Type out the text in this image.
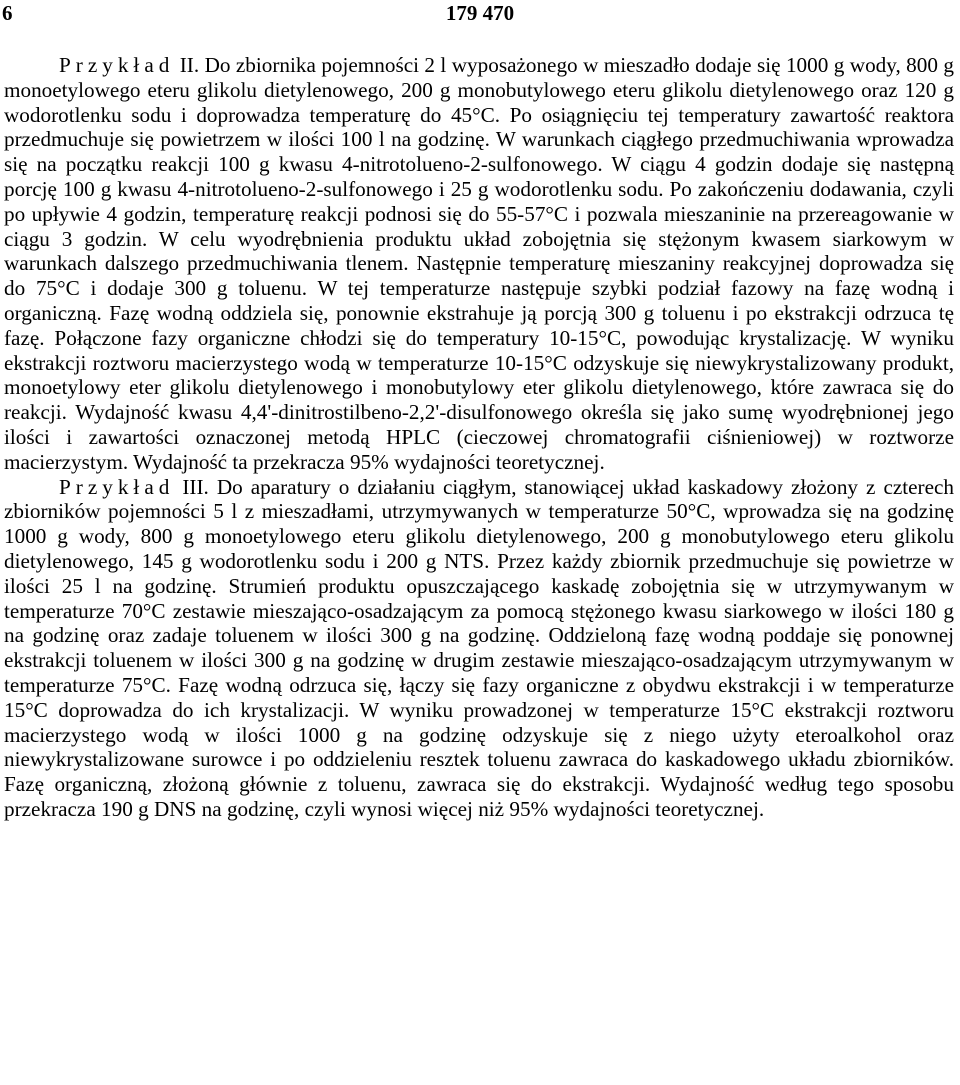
6	179 470

Przykład II. Do zbiornika pojemności 2 l wyposażonego w mieszadło dodaje się 1000 g wody, 800 g monoetylowego eteru glikolu dietylenowego, 200 g monobutylowego eteru glikolu dietylenowego oraz 120 g wodorotlenku sodu i doprowadza temperaturę do 45°C. Po osiągnięciu tej temperatury zawartość reaktora przedmuchuje się powietrzem w ilości 100 l na godzinę. W warunkach ciągłego przedmuchiwania wprowadza się na początku reakcji 100 g kwasu 4-nitrotolueno-2-sulfonowego. W ciągu 4 godzin dodaje się następną porcję 100 g kwasu 4-nitrotolueno-2-sulfonowego i 25 g wodorotlenku sodu. Po zakończeniu dodawania, czyli po upływie 4 godzin, temperaturę reakcji podnosi się do 55-57°C i pozwala mieszaninie na przereagowanie w ciągu 3 godzin. W celu wyodrębnienia produktu układ zobojętnia się stężonym kwasem siarkowym w warunkach dalszego przedmuchiwania tlenem. Następnie temperaturę mieszaniny reakcyjnej doprowadza się do 75°C i dodaje 300 g toluenu. W tej temperaturze następuje szybki podział fazowy na fazę wodną i organiczną. Fazę wodną oddziela się, ponownie ekstrahuje ją porcją 300 g toluenu i po ekstrakcji odrzuca tę fazę. Połączone fazy organiczne chłodzi się do temperatury 10-15°C, powodując krystalizację. W wyniku ekstrakcji roztworu macierzystego wodą w temperaturze 10-15°C odzyskuje się niewykrystalizowany produkt, monoetylowy eter glikolu dietylenowego i monobutylowy eter glikolu dietylenowego, które zawraca się do reakcji. Wydajność kwasu 4,4'-dinitrostilbeno-2,2'-disulfonowego określa się jako sumę wyodrębnionej jego ilości i zawartości oznaczonej metodą HPLC (cieczowej chromatografii ciśnieniowej) w roztworze macierzystym. Wydajność ta przekracza 95% wydajności teoretycznej.

Przykład III. Do aparatury o działaniu ciągłym, stanowiącej układ kaskadowy złożony z czterech zbiorników pojemności 5 l z mieszadłami, utrzymywanych w temperaturze 50°C, wprowadza się na godzinę 1000 g wody, 800 g monoetylowego eteru glikolu dietylenowego, 200 g monobutylowego eteru glikolu dietylenowego, 145 g wodorotlenku sodu i 200 g NTS. Przez każdy zbiornik przedmuchuje się powietrze w ilości 25 l na godzinę. Strumień produktu opuszczającego kaskadę zobojętnia się w utrzymywanym w temperaturze 70°C zestawie mieszająco-osadzającym za pomocą stężonego kwasu siarkowego w ilości 180 g na godzinę oraz zadaje toluenem w ilości 300 g na godzinę. Oddzieloną fazę wodną poddaje się ponownej ekstrakcji toluenem w ilości 300 g na godzinę w drugim zestawie mieszająco-osadzającym utrzymywanym w temperaturze 75°C. Fazę wodną odrzuca się, łączy się fazy organiczne z obydwu ekstrakcji i w temperaturze 15°C doprowadza do ich krystalizacji. W wyniku prowadzonej w temperaturze 15°C ekstrakcji roztworu macierzystego wodą w ilości 1000 g na godzinę odzyskuje się z niego użyty eteroalkohol oraz niewykrystalizowane surowce i po oddzieleniu resztek toluenu zawraca do kaskadowego układu zbiorników. Fazę organiczną, złożoną głównie z toluenu, zawraca się do ekstrakcji. Wydajność według tego sposobu przekracza 190 g DNS na godzinę, czyli wynosi więcej niż 95% wydajności teoretycznej.
